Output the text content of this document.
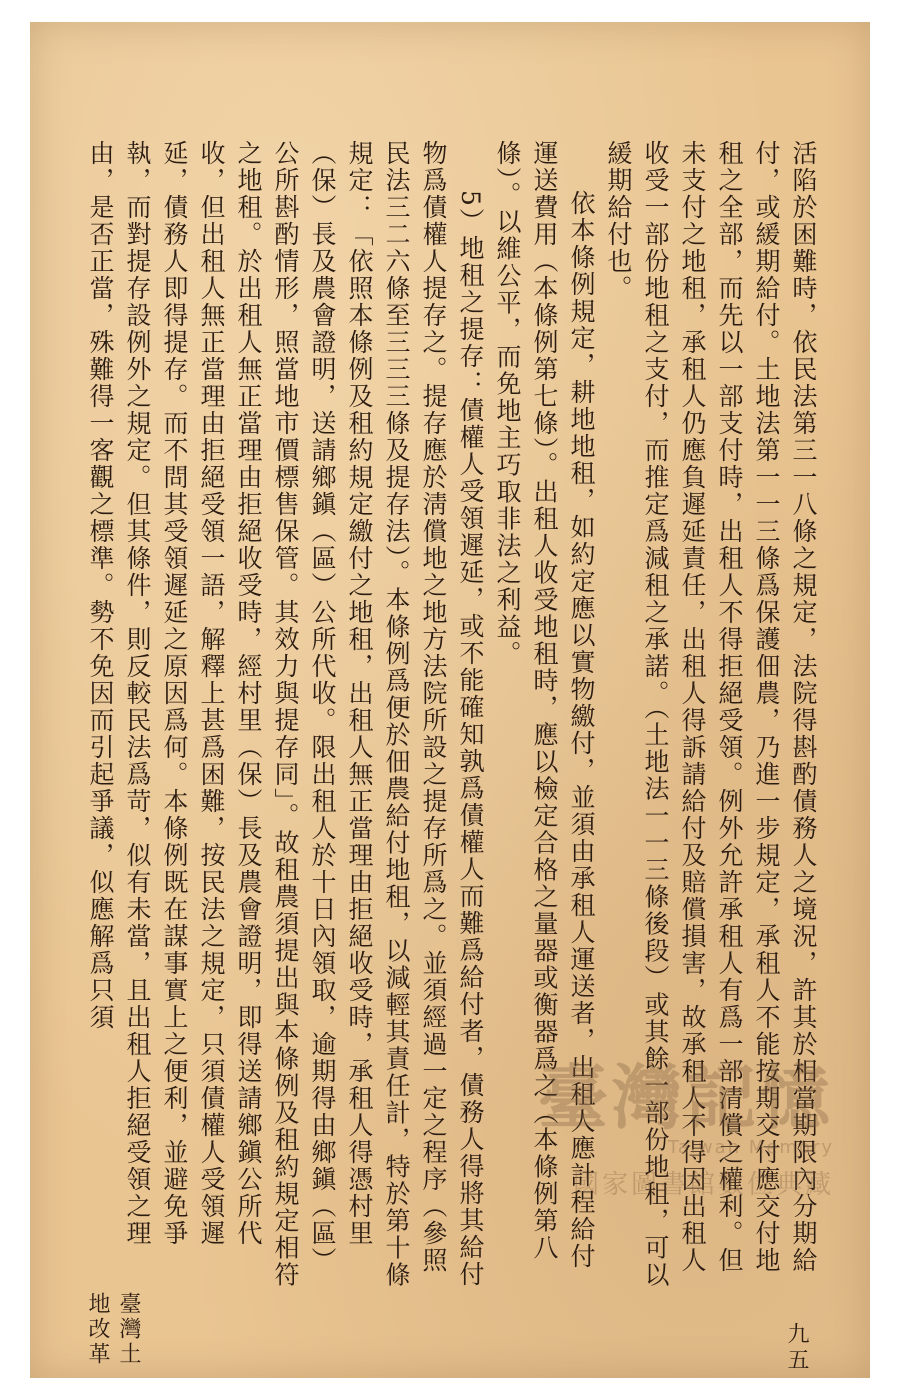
活陷於困難時，依民法第三一八條之規定，法院得斟酌債務人之境況，許其於相當期限內分期給付，或緩期給付。土地法第一一三條爲保護佃農，乃進一步規定，承租人不能按期交付應交付地租之全部，而先以一部支付時，出租人不得拒絕受領。例外允許承租人有爲一部清償之權利。但未支付之地租，承租人仍應負遲延責任，出租人得訴請給付及賠償損害，故承租人不得因出租人收受一部份地租之支付，而推定爲減租之承諾。（土地法一一三條後段）或其餘一部份地租，可以緩期給付也。

依本條例規定，耕地地租，如約定應以實物繳付，並須由承租人運送者，出租人應計程給付運送費用（本條例第七條）。出租人收受地租時，應以檢定合格之量器或衡器爲之（本條例第八條）。以維公平，而免地主巧取非法之利益。

5）地租之提存：債權人受領遲延，或不能確知孰爲債權人而難爲給付者，債務人得將其給付物爲債權人提存之。提存應於淸償地之地方法院所設之提存所爲之。並須經過一定之程序（參照民法三二六條至三三三條及提存法）。本條例爲便於佃農給付地租，以減輕其責任計，特於第十條規定：「依照本條例及租約規定繳付之地租，出租人無正當理由拒絕收受時，承租人得憑村里（保）長及農會證明，送請鄉鎭（區）公所代收。限出租人於十日內領取，逾期得由鄉鎭（區）公所斟酌情形，照當地市價標售保管。其效力與提存同」。故租農須提出與本條例及租約規定相符之地租。於出租人無正當理由拒絕收受時，經村里（保）長及農會證明，即得送請鄉鎭公所代收，但出租人無正當理由拒絕受領一語，解釋上甚爲困難，按民法之規定，只須債權人受領遲延，債務人即得提存。而不問其受領遲延之原因爲何。本條例既在謀事實上之便利，並避免爭執，而對提存設例外之規定。但其條件，則反較民法爲苛，似有未當，且出租人拒絕受領之理由，是否正當，殊難得一客觀之標準。勢不免因而引起爭議，似應解爲只須

臺灣土地改革	九五
臺灣記憶
Taiwan Memory
國家圖書館數位典藏
